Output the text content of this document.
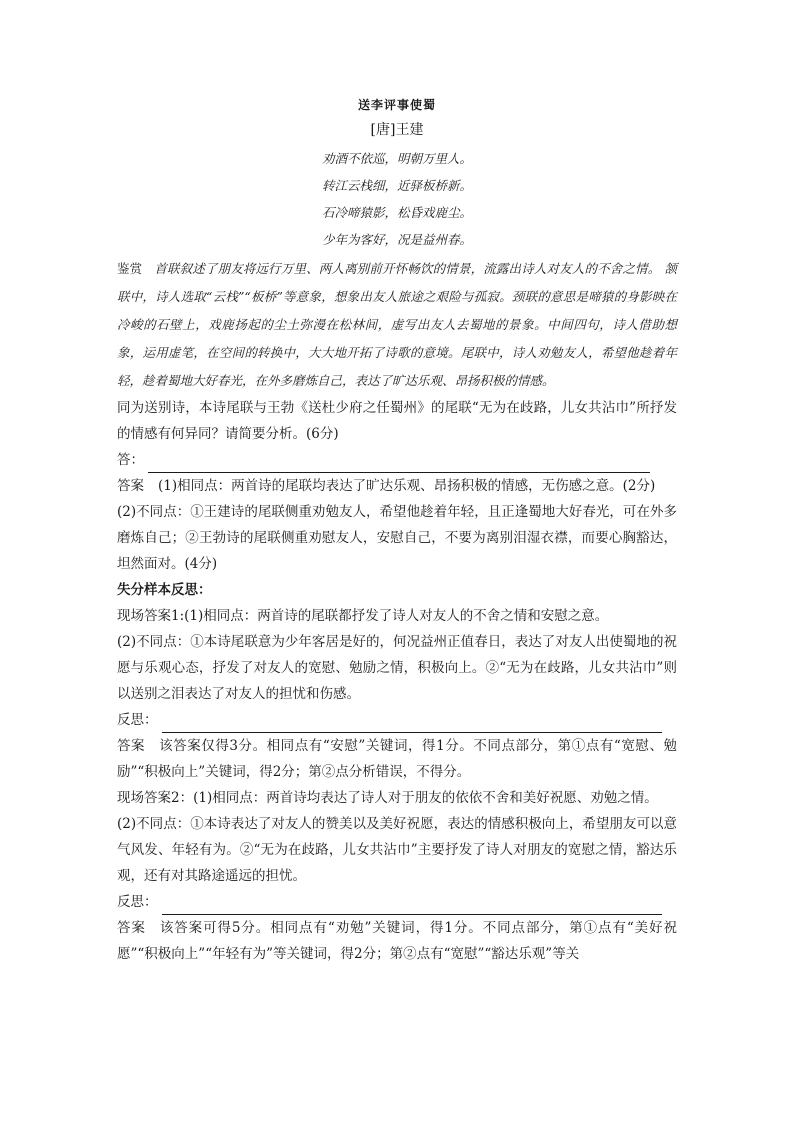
送李评事使蜀

[唐]王建

劝酒不依巡，明朝万里人。

转江云栈细，近驿板桥新。

石冷啼猿影，松昏戏鹿尘。

少年为客好，况是益州春。

鉴赏 首联叙述了朋友将远行万里、两人离别前开怀畅饮的情景，流露出诗人对友人的不舍之情。 颔联中，诗人选取“云栈”“板桥”等意象，想象出友人旅途之艰险与孤寂。颈联的意思是啼猿的身影映在冷峻的石壁上，戏鹿扬起的尘土弥漫在松林间，虚写出友人去蜀地的景象。中间四句，诗人借助想象，运用虚笔，在空间的转换中，大大地开拓了诗歌的意境。尾联中，诗人劝勉友人，希望他趁着年轻，趁着蜀地大好春光，在外多磨炼自己，表达了旷达乐观、昂扬积极的情感。

同为送别诗，本诗尾联与王勃《送杜少府之任蜀州》的尾联“无为在歧路，儿女共沾巾”所抒发的情感有何异同？请简要分析。(6分)

答：

答案 (1)相同点：两首诗的尾联均表达了旷达乐观、昂扬积极的情感，无伤感之意。(2分)

(2)不同点：①王建诗的尾联侧重劝勉友人，希望他趁着年轻，且正逢蜀地大好春光，可在外多磨炼自己；②王勃诗的尾联侧重劝慰友人，安慰自己，不要为离别泪湿衣襟，而要心胸豁达，坦然面对。(4分)

失分样本反思：

现场答案1:(1)相同点：两首诗的尾联都抒发了诗人对友人的不舍之情和安慰之意。

(2)不同点：①本诗尾联意为少年客居是好的，何况益州正值春日，表达了对友人出使蜀地的祝愿与乐观心态，抒发了对友人的宽慰、勉励之情，积极向上。②“无为在歧路，儿女共沾巾”则以送别之泪表达了对友人的担忧和伤感。

反思：

答案 该答案仅得3分。相同点有“安慰”关键词，得1分。不同点部分，第①点有“宽慰、勉励”“积极向上”关键词，得2分；第②点分析错误，不得分。

现场答案2：(1)相同点：两首诗均表达了诗人对于朋友的依依不舍和美好祝愿、劝勉之情。

(2)不同点：①本诗表达了对友人的赞美以及美好祝愿，表达的情感积极向上，希望朋友可以意气风发、年轻有为。②“无为在歧路，儿女共沾巾”主要抒发了诗人对朋友的宽慰之情，豁达乐观，还有对其路途遥远的担忧。

反思：

答案 该答案可得5分。相同点有“劝勉”关键词，得1分。不同点部分，第①点有“美好祝愿”“积极向上”“年轻有为”等关键词，得2分；第②点有“宽慰”“豁达乐观”等关
